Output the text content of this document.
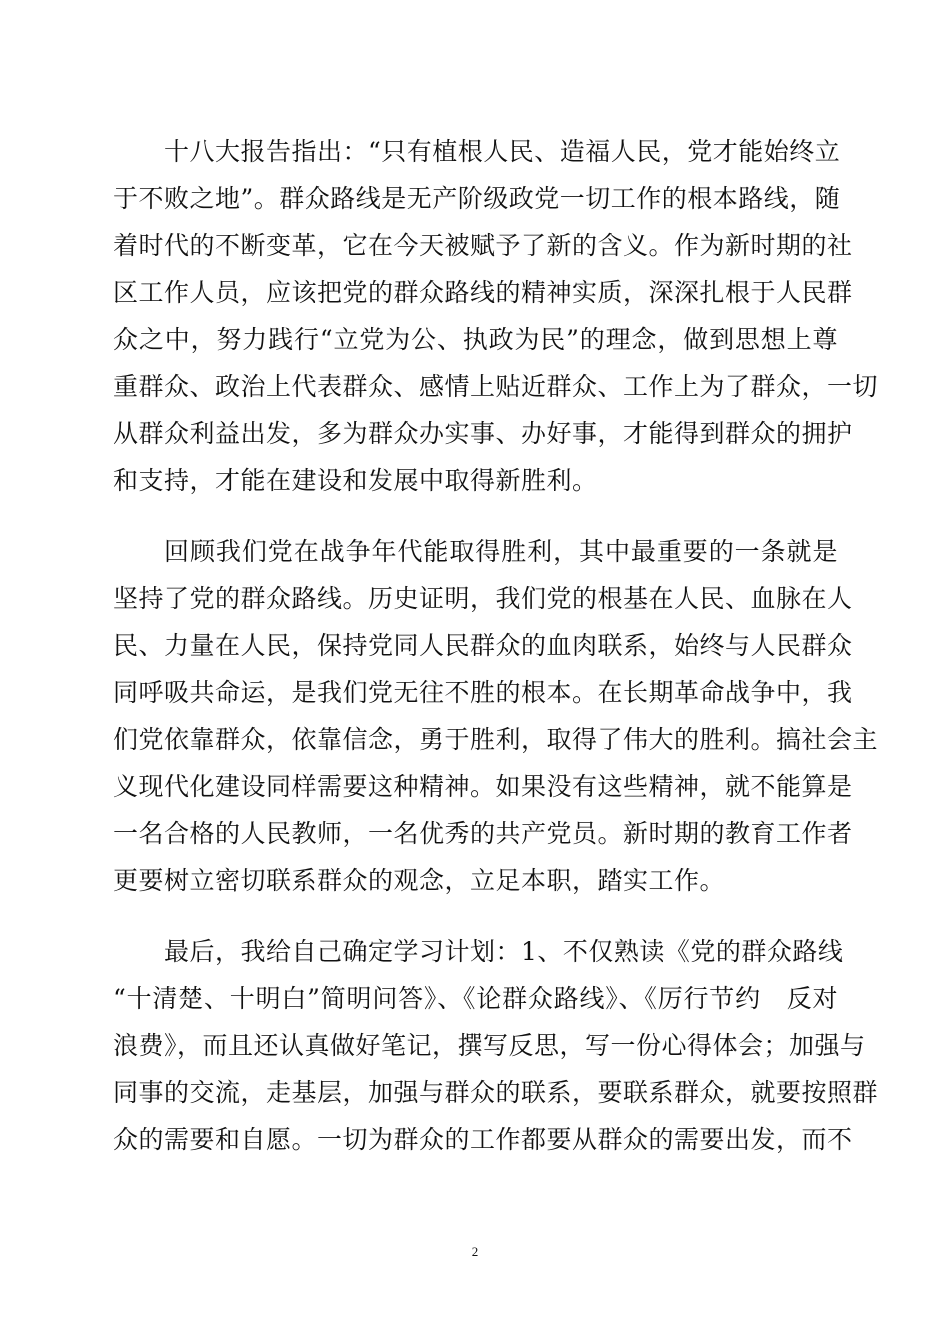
十八大报告指出：“只有植根人民、造福人民，党才能始终立
于不败之地”。群众路线是无产阶级政党一切工作的根本路线，随
着时代的不断变革，它在今天被赋予了新的含义。作为新时期的社
区工作人员，应该把党的群众路线的精神实质，深深扎根于人民群
众之中，努力践行“立党为公、执政为民”的理念，做到思想上尊
重群众、政治上代表群众、感情上贴近群众、工作上为了群众，一切
从群众利益出发，多为群众办实事、办好事，才能得到群众的拥护
和支持，才能在建设和发展中取得新胜利。
回顾我们党在战争年代能取得胜利，其中最重要的一条就是
坚持了党的群众路线。历史证明，我们党的根基在人民、血脉在人
民、力量在人民，保持党同人民群众的血肉联系，始终与人民群众
同呼吸共命运，是我们党无往不胜的根本。在长期革命战争中，我
们党依靠群众，依靠信念，勇于胜利，取得了伟大的胜利。搞社会主
义现代化建设同样需要这种精神。如果没有这些精神，就不能算是
一名合格的人民教师，一名优秀的共产党员。新时期的教育工作者
更要树立密切联系群众的观念，立足本职，踏实工作。
最后，我给自己确定学习计划：1、不仅熟读《党的群众路线
“十清楚、十明白”简明问答》、《论群众路线》、《厉行节约　反对
浪费》，而且还认真做好笔记，撰写反思，写一份心得体会；加强与
同事的交流，走基层，加强与群众的联系，要联系群众，就要按照群
众的需要和自愿。一切为群众的工作都要从群众的需要出发，而不
2
